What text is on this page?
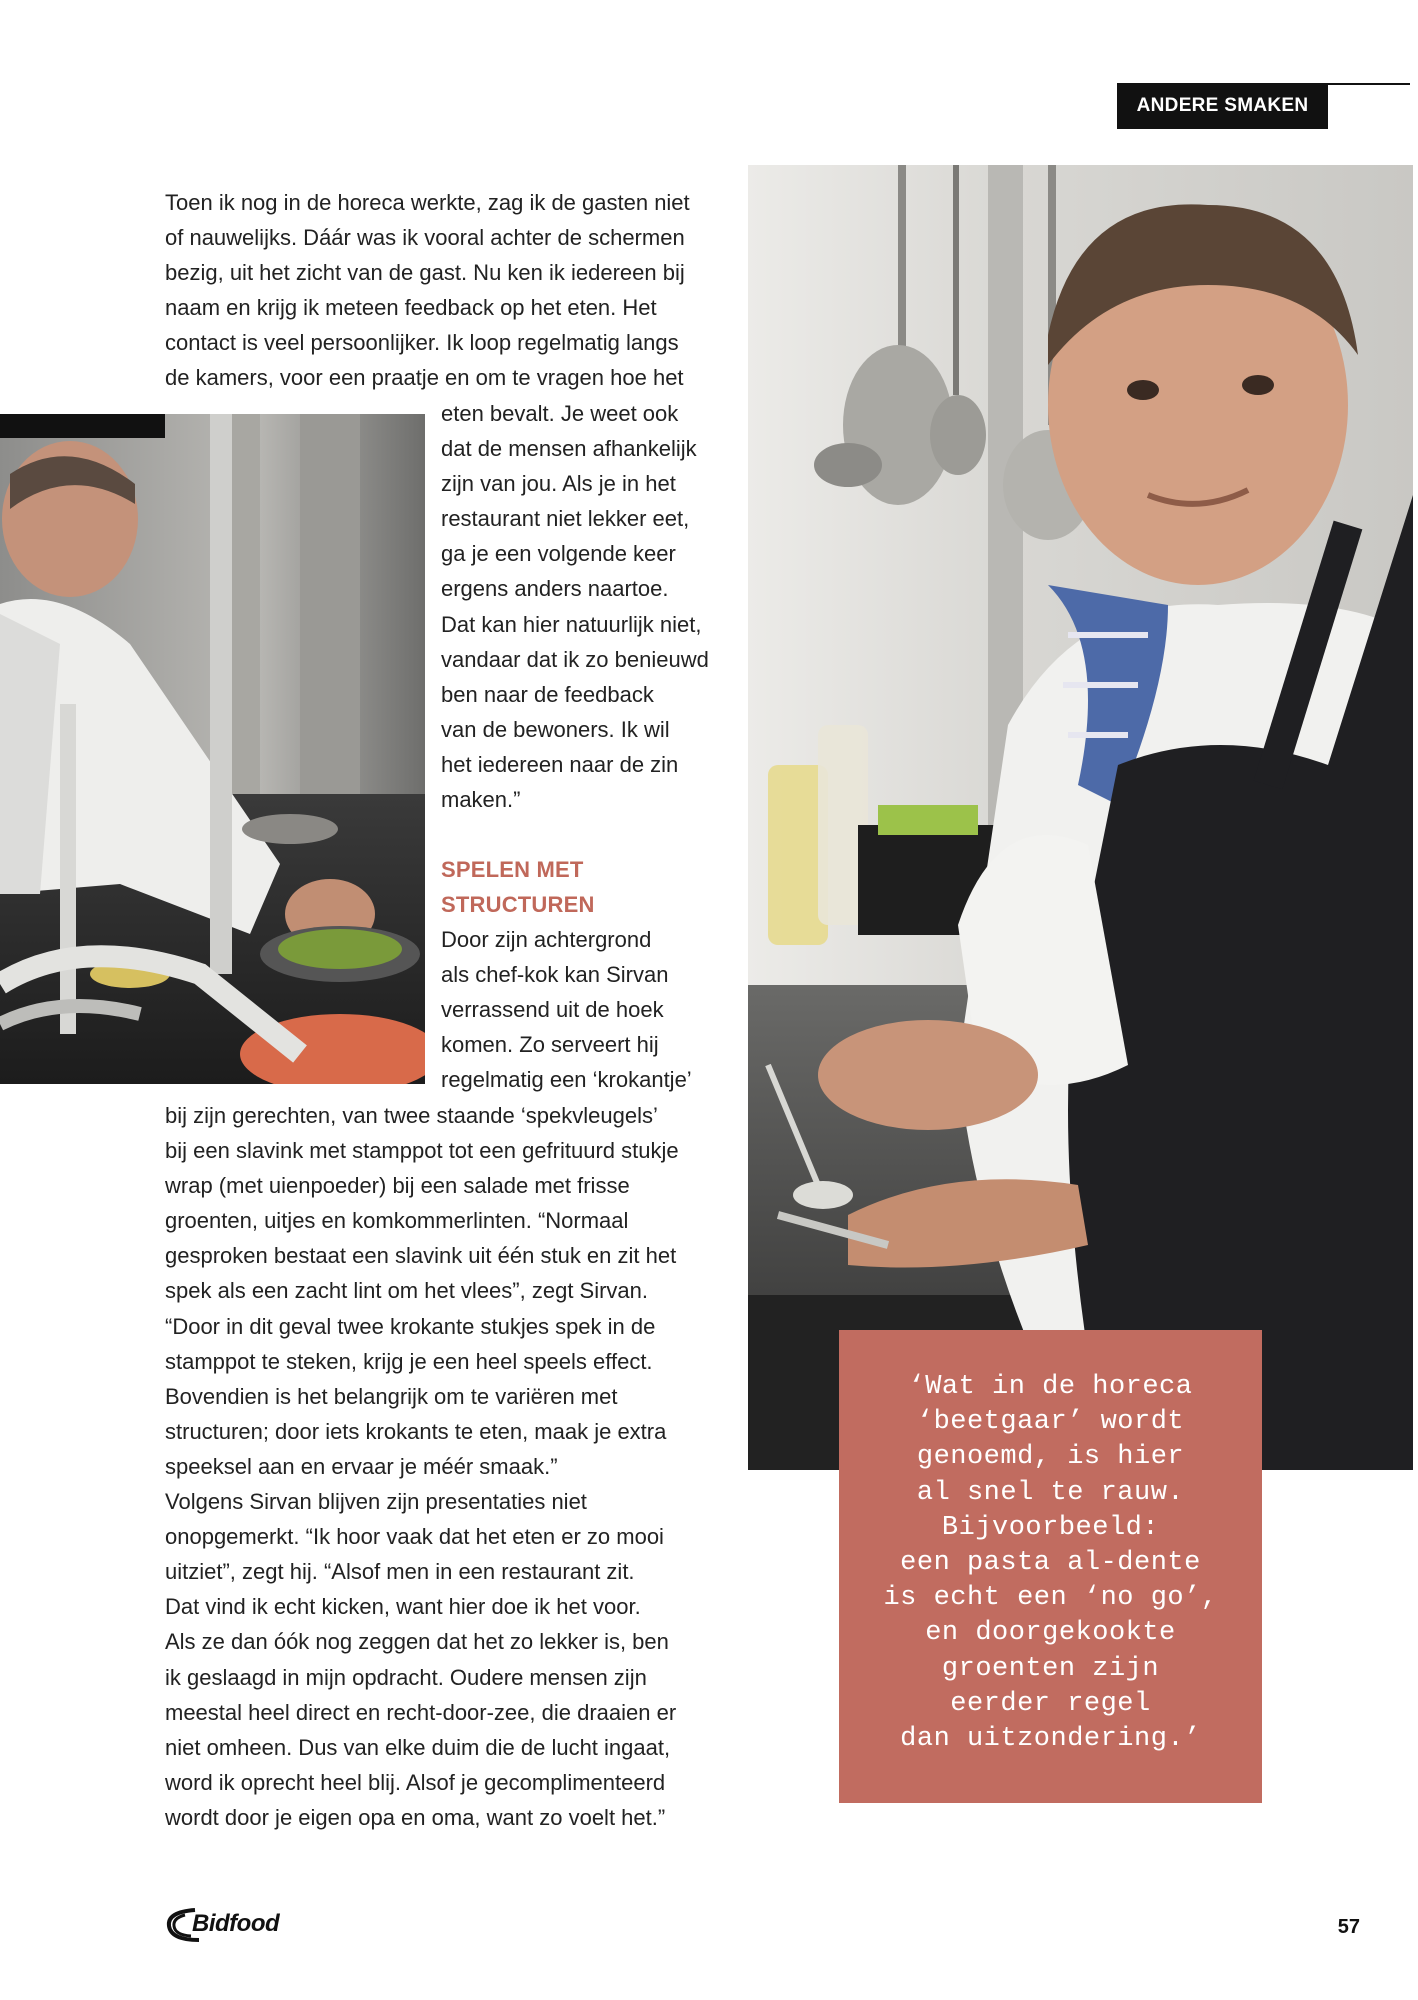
ANDERE SMAKEN
Toen ik nog in de horeca werkte, zag ik de gasten niet
of nauwelijks. Dáár was ik vooral achter de schermen
bezig, uit het zicht van de gast. Nu ken ik iedereen bij
naam en krijg ik meteen feedback op het eten. Het
contact is veel persoonlijker. Ik loop regelmatig langs
de kamers, voor een praatje en om te vragen hoe het
eten bevalt. Je weet ook
dat de mensen afhankelijk
zijn van jou. Als je in het
restaurant niet lekker eet,
ga je een volgende keer
ergens anders naartoe.
Dat kan hier natuurlijk niet,
vandaar dat ik zo benieuwd
ben naar de feedback
van de bewoners. Ik wil
het iedereen naar de zin
maken.”
SPELEN MET
STRUCTUREN
Door zijn achtergrond
als chef-kok kan Sirvan
verrassend uit de hoek
komen. Zo serveert hij
regelmatig een ‘krokantje’
bij zijn gerechten, van twee staande ‘spekvleugels’
bij een slavink met stamppot tot een gefrituurd stukje
wrap (met uienpoeder) bij een salade met frisse
groenten, uitjes en komkommerlinten. “Normaal
gesproken bestaat een slavink uit één stuk en zit het
spek als een zacht lint om het vlees”, zegt Sirvan.
“Door in dit geval twee krokante stukjes spek in de
stamppot te steken, krijg je een heel speels effect.
Bovendien is het belangrijk om te variëren met
structuren; door iets krokants te eten, maak je extra
speeksel aan en ervaar je méér smaak.”
Volgens Sirvan blijven zijn presentaties niet
onopgemerkt. “Ik hoor vaak dat het eten er zo mooi
uitziet”, zegt hij. “Alsof men in een restaurant zit.
Dat vind ik echt kicken, want hier doe ik het voor.
Als ze dan óók nog zeggen dat het zo lekker is, ben
ik geslaagd in mijn opdracht. Oudere mensen zijn
meestal heel direct en recht-door-zee, die draaien er
niet omheen. Dus van elke duim die de lucht ingaat,
word ik oprecht heel blij. Alsof je gecomplimenteerd
wordt door je eigen opa en oma, want zo voelt het.”
‘Wat in de horeca
‘beetgaar’ wordt
genoemd, is hier
al snel te rauw.
Bijvoorbeeld:
een pasta al-dente
is echt een ‘no go’,
en doorgekookte
groenten zijn
eerder regel
dan uitzondering.’
Bidfood	57
